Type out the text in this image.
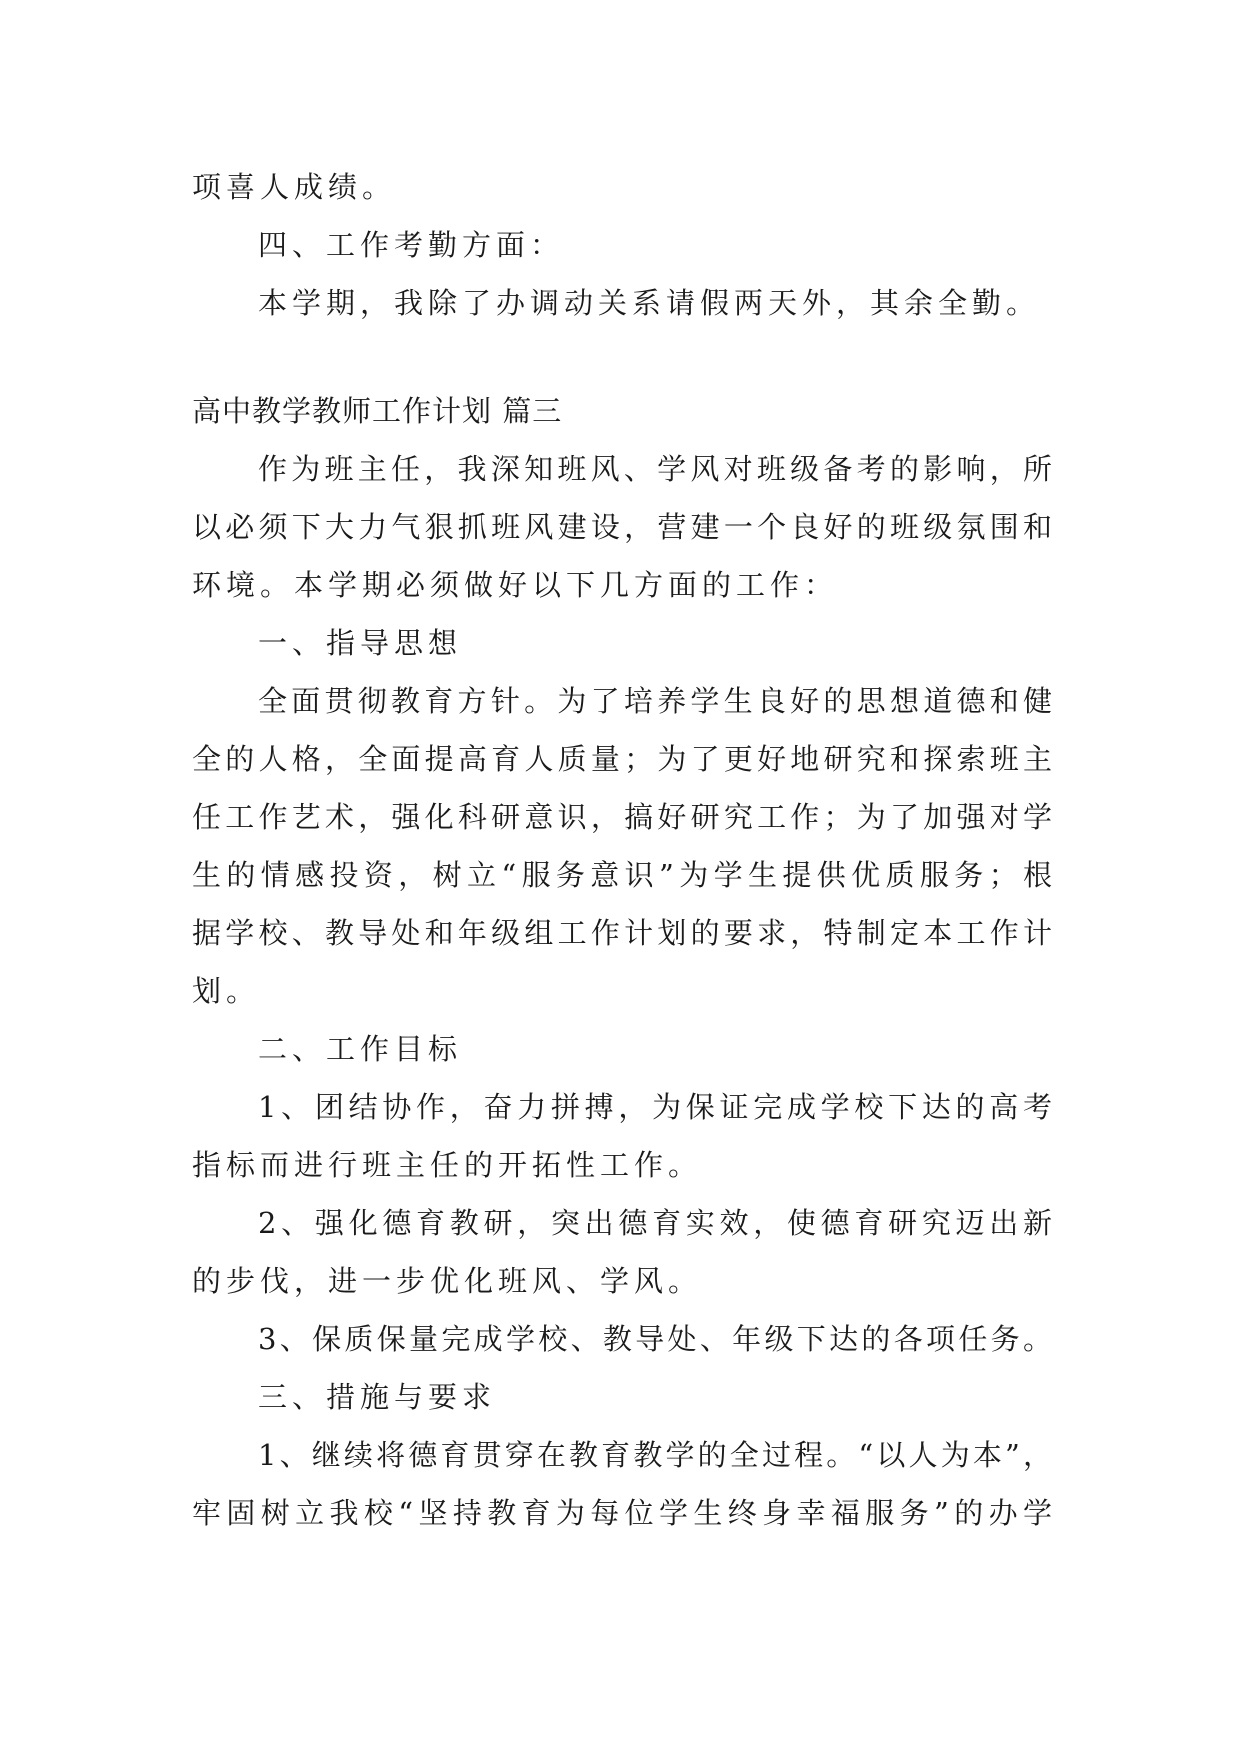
项喜人成绩。
四、工作考勤方面：
本学期，我除了办调动关系请假两天外，其余全勤。
高中教学教师工作计划 篇三
作为班主任，我深知班风、学风对班级备考的影响，所
以必须下大力气狠抓班风建设，营建一个良好的班级氛围和
环境。本学期必须做好以下几方面的工作：
一、指导思想
全面贯彻教育方针。为了培养学生良好的思想道德和健
全的人格，全面提高育人质量；为了更好地研究和探索班主
任工作艺术，强化科研意识，搞好研究工作；为了加强对学
生的情感投资，树立“服务意识”为学生提供优质服务；根
据学校、教导处和年级组工作计划的要求，特制定本工作计
划。
二、工作目标
1、团结协作，奋力拼搏，为保证完成学校下达的高考
指标而进行班主任的开拓性工作。
2、强化德育教研，突出德育实效，使德育研究迈出新
的步伐，进一步优化班风、学风。
3、保质保量完成学校、教导处、年级下达的各项任务。
三、措施与要求
1、继续将德育贯穿在教育教学的全过程。“以人为本”，
牢固树立我校“坚持教育为每位学生终身幸福服务”的办学
